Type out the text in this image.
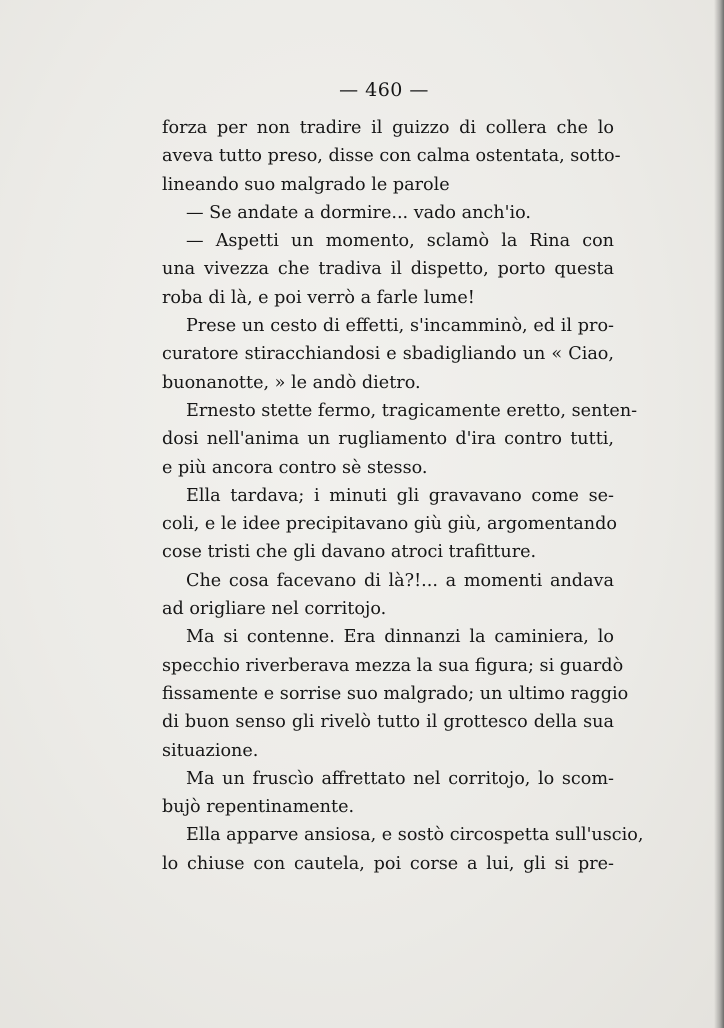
— 460 —
forza per non tradire il guizzo di collera che lo
aveva tutto preso, disse con calma ostentata, sotto-
lineando suo malgrado le parole
— Se andate a dormire... vado anch'io.
— Aspetti un momento, sclamò la Rina con
una vivezza che tradiva il dispetto, porto questa
roba di là, e poi verrò a farle lume!
Prese un cesto di effetti, s'incamminò, ed il pro-
curatore stiracchiandosi e sbadigliando un « Ciao,
buonanotte, » le andò dietro.
Ernesto stette fermo, tragicamente eretto, senten-
dosi nell'anima un rugliamento d'ira contro tutti,
e più ancora contro sè stesso.
Ella tardava; i minuti gli gravavano come se-
coli, e le idee precipitavano giù giù, argomentando
cose tristi che gli davano atroci trafitture.
Che cosa facevano di là?!... a momenti andava
ad origliare nel corritojo.
Ma si contenne. Era dinnanzi la caminiera, lo
specchio riverberava mezza la sua figura; si guardò
fissamente e sorrise suo malgrado; un ultimo raggio
di buon senso gli rivelò tutto il grottesco della sua
situazione.
Ma un fruscìo affrettato nel corritojo, lo scom-
bujò repentinamente.
Ella apparve ansiosa, e sostò circospetta sull'uscio,
lo chiuse con cautela, poi corse a lui, gli si pre-
